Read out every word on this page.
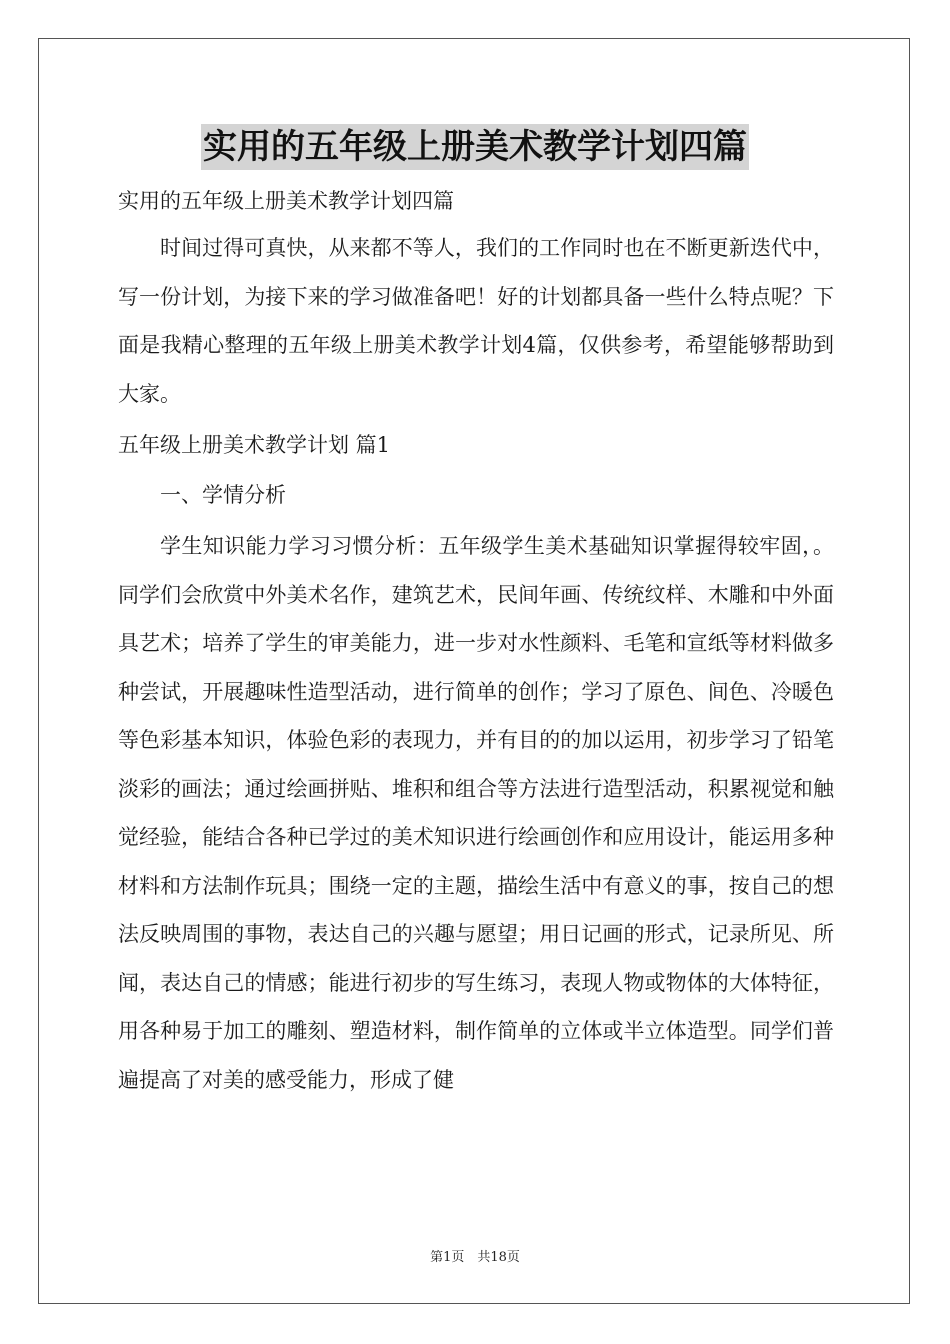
实用的五年级上册美术教学计划四篇
实用的五年级上册美术教学计划四篇

时间过得可真快，从来都不等人，我们的工作同时也在不断更新迭代中，写一份计划，为接下来的学习做准备吧！好的计划都具备一些什么特点呢？下面是我精心整理的五年级上册美术教学计划4篇，仅供参考，希望能够帮助到大家。

五年级上册美术教学计划 篇1
一、学情分析

学生知识能力学习习惯分析：五年级学生美术基础知识掌握得较牢固，。同学们会欣赏中外美术名作，建筑艺术，民间年画、传统纹样、木雕和中外面具艺术；培养了学生的审美能力，进一步对水性颜料、毛笔和宣纸等材料做多种尝试，开展趣味性造型活动，进行简单的创作；学习了原色、间色、冷暖色等色彩基本知识，体验色彩的表现力，并有目的的加以运用，初步学习了铅笔淡彩的画法；通过绘画拼贴、堆积和组合等方法进行造型活动，积累视觉和触觉经验，能结合各种已学过的美术知识进行绘画创作和应用设计，能运用多种材料和方法制作玩具；围绕一定的主题，描绘生活中有意义的事，按自己的想法反映周围的事物，表达自己的兴趣与愿望；用日记画的形式，记录所见、所闻，表达自己的情感；能进行初步的写生练习，表现人物或物体的大体特征，用各种易于加工的雕刻、塑造材料，制作简单的立体或半立体造型。同学们普遍提高了对美的感受能力，形成了健

第1页　共18页
